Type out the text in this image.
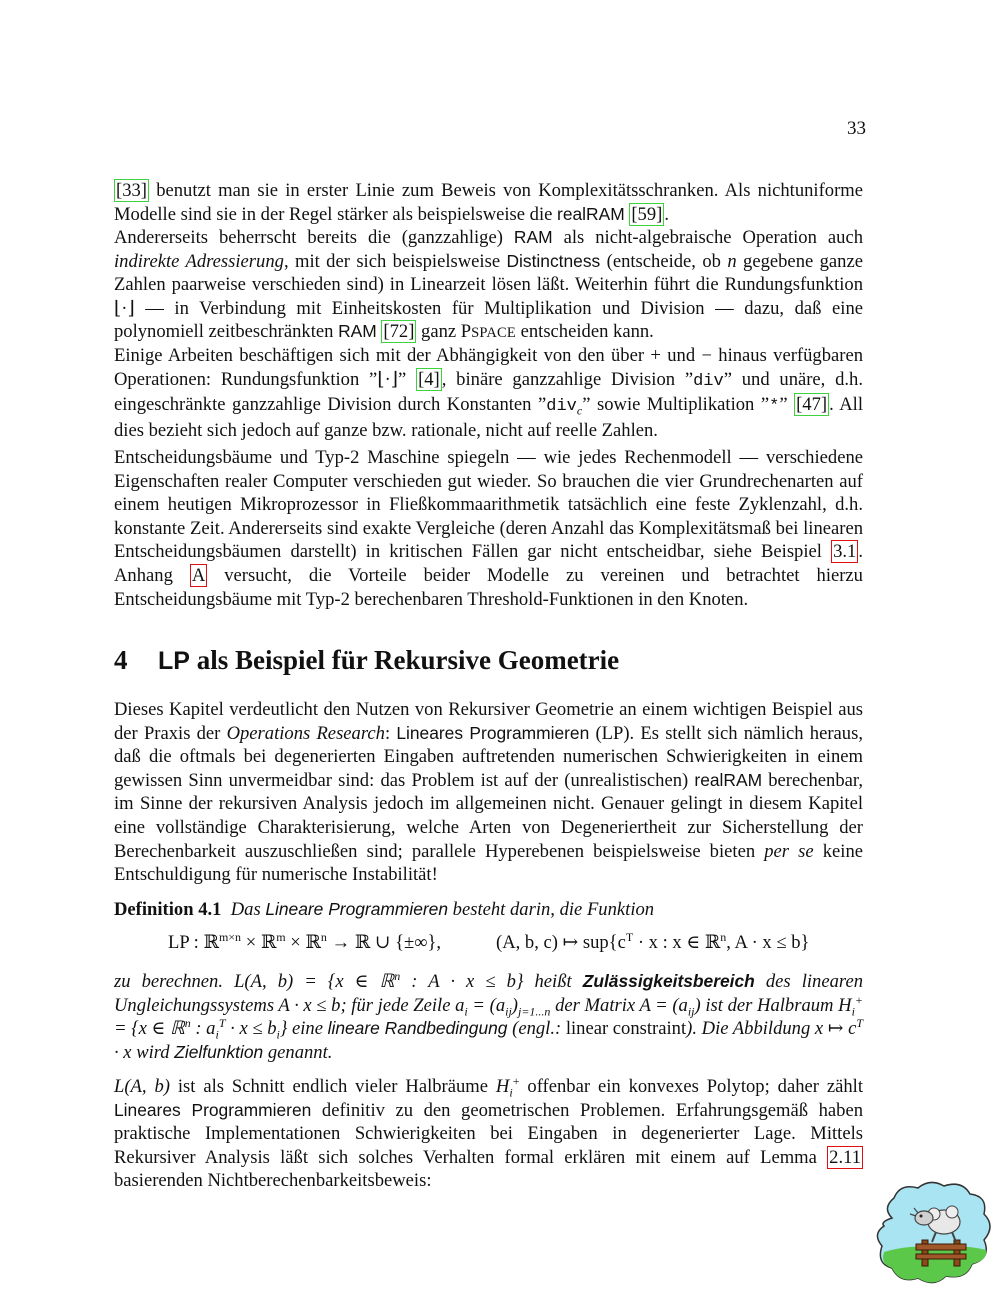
33
[33] benutzt man sie in erster Linie zum Beweis von Komplexitätsschranken. Als nichtuniforme Modelle sind sie in der Regel stärker als beispielsweise die realRAM [59] .
Andererseits beherrscht bereits die (ganzzahlige) RAM als nicht-algebraische Operation auch indirekte Adressierung, mit der sich beispielsweise Distinctness (entscheide, ob n gegebene ganze Zahlen paarweise verschieden sind) in Linearzeit lösen läßt. Weiterhin führt die Rundungsfunktion ⌊·⌋ — in Verbindung mit Einheitskosten für Multiplikation und Division — dazu, daß eine polynomiell zeitbeschränkten RAM [72] ganz PSPACE entscheiden kann.
Einige Arbeiten beschäftigen sich mit der Abhängigkeit von den über + und − hinaus verfügbaren Operationen: Rundungsfunktion ”⌊·⌋” [4] , binäre ganzzahlige Division ”div” und unäre, d.h. eingeschränkte ganzzahlige Division durch Konstanten ”div$_c$” sowie Multiplikation ”*” [47] . All dies bezieht sich jedoch auf ganze bzw. rationale, nicht auf reelle Zahlen.
Entscheidungsbäume und Typ-2 Maschine spiegeln — wie jedes Rechenmodell — verschiedene Eigenschaften realer Computer verschieden gut wieder. So brauchen die vier Grundrechenarten auf einem heutigen Mikroprozessor in Fließkommaarithmetik tatsächlich eine feste Zyklenzahl, d.h. konstante Zeit. Andererseits sind exakte Vergleiche (deren Anzahl das Komplexitätsmaß bei linearen Entscheidungsbäumen darstellt) in kritischen Fällen gar nicht entscheidbar, siehe Beispiel 3.1 . Anhang A versucht, die Vorteile beider Modelle zu vereinen und betrachtet hierzu Entscheidungsbäume mit Typ-2 berechenbaren Threshold-Funktionen in den Knoten.
4 LP als Beispiel für Rekursive Geometrie
Dieses Kapitel verdeutlicht den Nutzen von Rekursiver Geometrie an einem wichtigen Beispiel aus der Praxis der Operations Research: Lineares Programmieren (LP). Es stellt sich nämlich heraus, daß die oftmals bei degenerierten Eingaben auftretenden numerischen Schwierigkeiten in einem gewissen Sinn unvermeidbar sind: das Problem ist auf der (unrealistischen) realRAM berechenbar, im Sinne der rekursiven Analysis jedoch im allgemeinen nicht. Genauer gelingt in diesem Kapitel eine vollständige Charakterisierung, welche Arten von Degeneriertheit zur Sicherstellung der Berechenbarkeit auszuschließen sind; parallele Hyperebenen beispielsweise bieten per se keine Entschuldigung für numerische Instabilität!
Definition 4.1 Das Lineare Programmieren besteht darin, die Funktion
LP : ℝ$^{m\times n}$ × ℝ$^m$ × ℝ$^n$ → ℝ ∪ {±∞},	(A, b, c) ↦ $sup\{c^T \cdot x$ : x ∈ ℝ$^n$, A · x ≤ b}
zu berechnen. L(A, b) = {x ∈ ℝ$^n$ : A · x ≤ b} heißt Zulässigkeitsbereich des linearen Ungleichungssystems A · x ≤ b; für jede Zeile $a_i = (a_{ij})_{j=1...n}$ der Matrix $A = (a_{ij})$ ist der Halbraum $H_i^+ = \{x$ ∈ ℝ$^n$ : $a_i^T \cdot x \le b_i$} eine lineare Randbedingung (engl.: linear constraint). Die Abbildung x ↦ $c^T \cdot x$ wird Zielfunktion genannt.
L(A, b) ist als Schnitt endlich vieler Halbräume $H_i^+$ offenbar ein konvexes Polytop; daher zählt Lineares Programmieren definitiv zu den geometrischen Problemen. Erfahrungsgemäß haben praktische Implementationen Schwierigkeiten bei Eingaben in degenerierter Lage. Mittels Rekursiver Analysis läßt sich solches Verhalten formal erklären mit einem auf Lemma 2.11 basierenden Nichtberechenbarkeitsbeweis:
